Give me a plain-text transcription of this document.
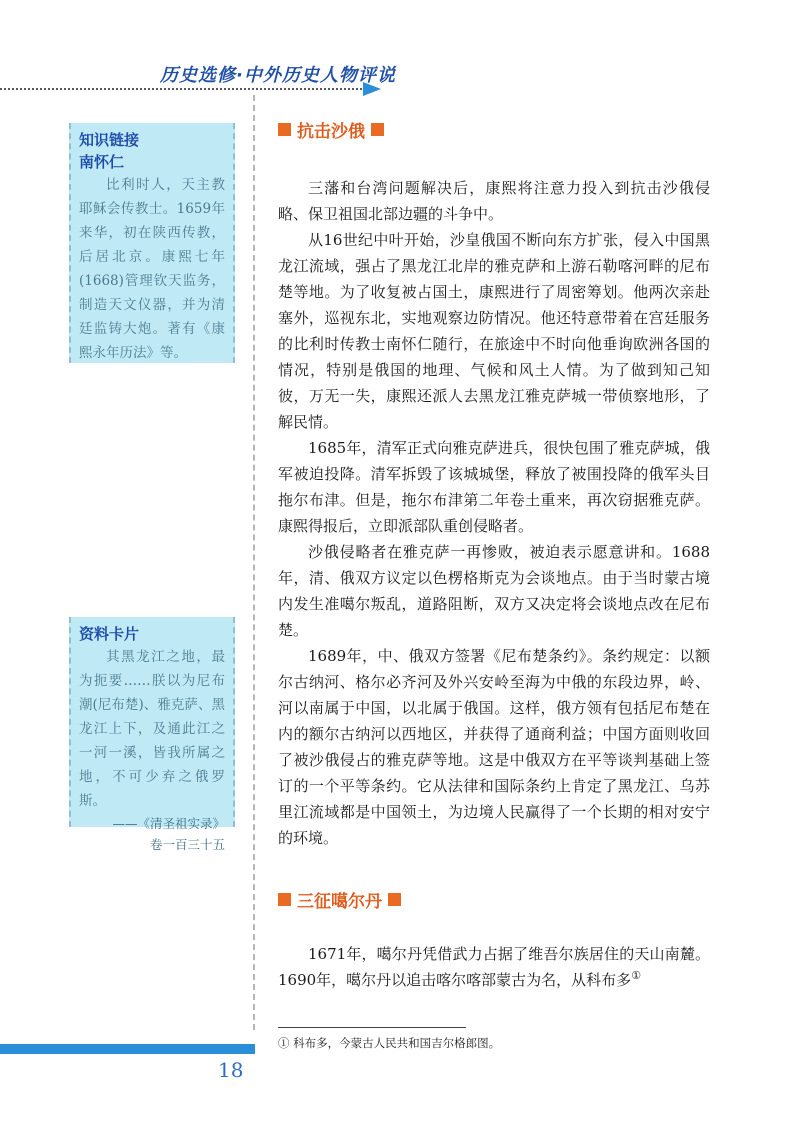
历史选修·中外历史人物评说
知识链接
南怀仁

比利时人，天主教耶稣会传教士。1659年来华，初在陕西传教，后居北京。康熙七年(1668)管理钦天监务，制造天文仪器，并为清廷监铸大炮。著有《康熙永年历法》等。

资料卡片

其黑龙江之地，最为扼要……朕以为尼布潮(尼布楚)、雅克萨、黑龙江上下，及通此江之一河一溪，皆我所属之地，不可少弃之俄罗斯。

——《清圣祖实录》

卷一百三十五

抗击沙俄

三藩和台湾问题解决后，康熙将注意力投入到抗击沙俄侵略、保卫祖国北部边疆的斗争中。

从16世纪中叶开始，沙皇俄国不断向东方扩张，侵入中国黑龙江流域，强占了黑龙江北岸的雅克萨和上游石勒喀河畔的尼布楚等地。为了收复被占国土，康熙进行了周密筹划。他两次亲赴塞外，巡视东北，实地观察边防情况。他还特意带着在宫廷服务的比利时传教士南怀仁随行，在旅途中不时向他垂询欧洲各国的情况，特别是俄国的地理、气候和风土人情。为了做到知己知彼，万无一失，康熙还派人去黑龙江雅克萨城一带侦察地形，了解民情。

1685年，清军正式向雅克萨进兵，很快包围了雅克萨城，俄军被迫投降。清军拆毁了该城城堡，释放了被围投降的俄军头目拖尔布津。但是，拖尔布津第二年卷土重来，再次窃据雅克萨。康熙得报后，立即派部队重创侵略者。

沙俄侵略者在雅克萨一再惨败，被迫表示愿意讲和。1688年，清、俄双方议定以色楞格斯克为会谈地点。由于当时蒙古境内发生准噶尔叛乱，道路阻断，双方又决定将会谈地点改在尼布楚。

1689年，中、俄双方签署《尼布楚条约》。条约规定：以额尔古纳河、格尔必齐河及外兴安岭至海为中俄的东段边界，岭、河以南属于中国，以北属于俄国。这样，俄方领有包括尼布楚在内的额尔古纳河以西地区，并获得了通商利益；中国方面则收回了被沙俄侵占的雅克萨等地。这是中俄双方在平等谈判基础上签订的一个平等条约。它从法律和国际条约上肯定了黑龙江、乌苏里江流域都是中国领土，为边境人民赢得了一个长期的相对安宁的环境。

三征噶尔丹

1671年，噶尔丹凭借武力占据了维吾尔族居住的天山南麓。1690年，噶尔丹以追击喀尔喀部蒙古为名，从科布多①

① 科布多，今蒙古人民共和国吉尔格郎图。
18
